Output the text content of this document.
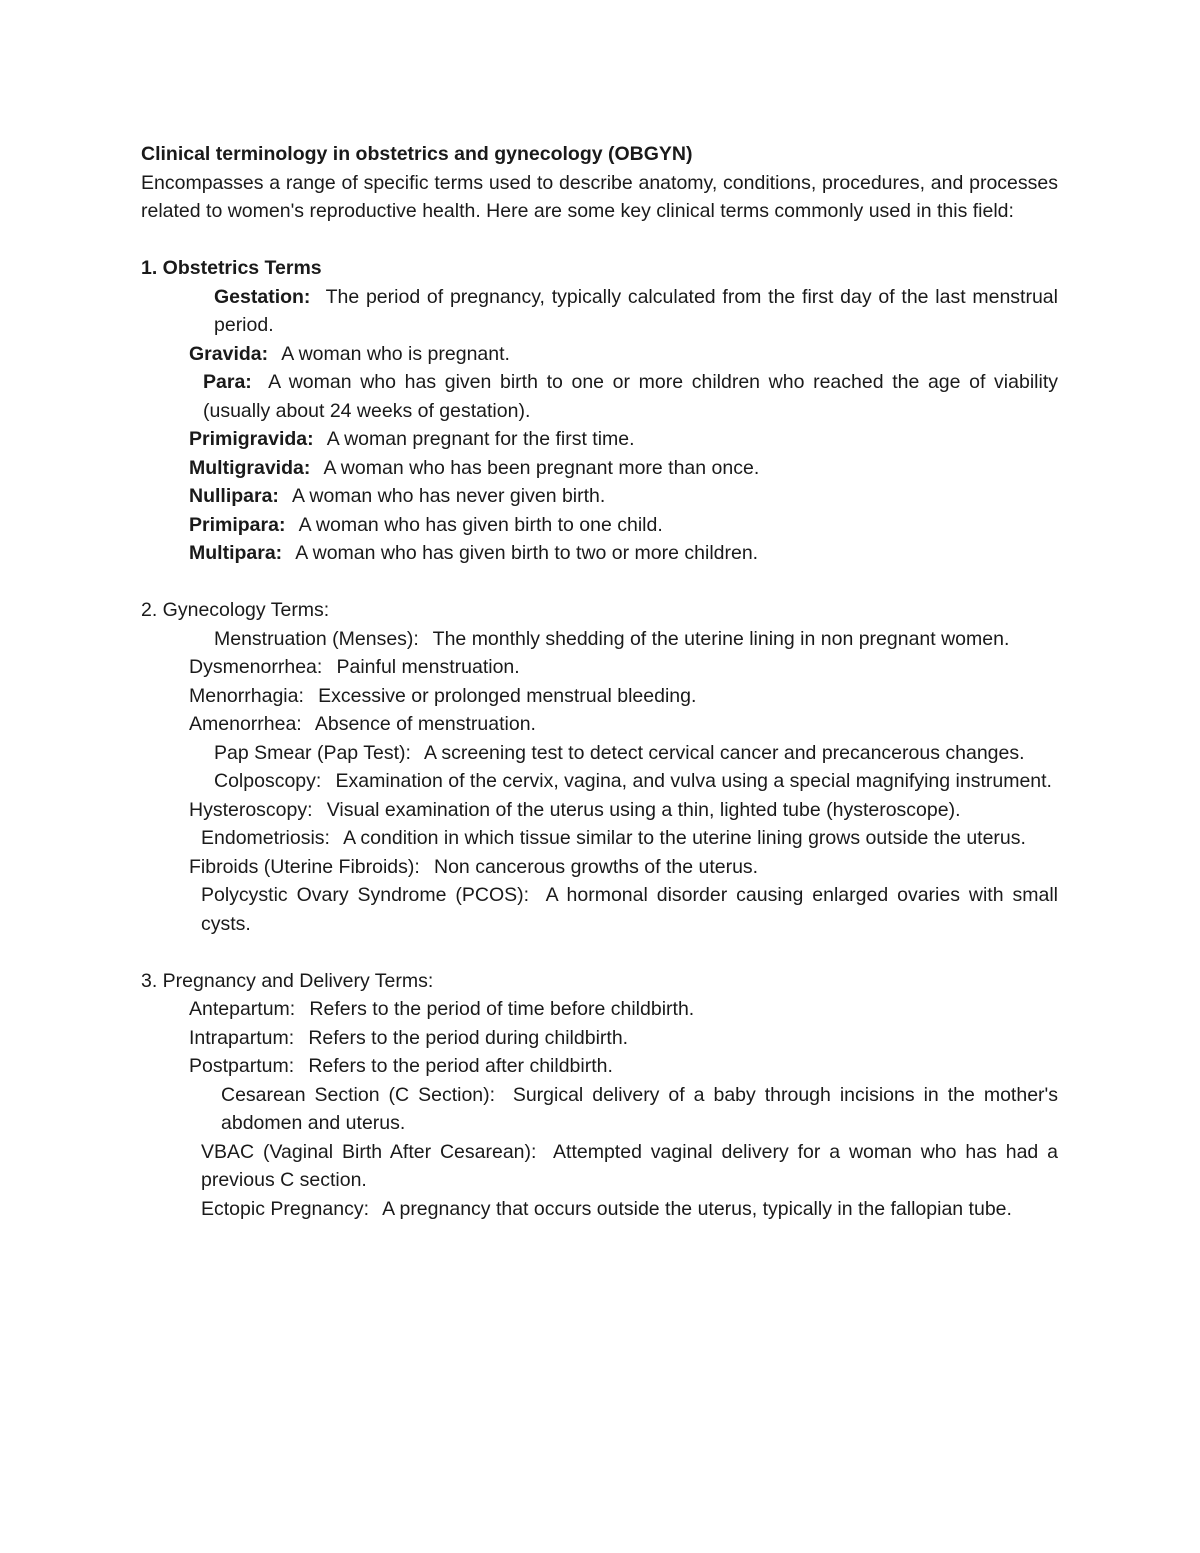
Clinical terminology in obstetrics and gynecology (OBGYN)

Encompasses a range of specific terms used to describe anatomy, conditions, procedures, and processes related to women's reproductive health. Here are some key clinical terms commonly used in this field:

1. Obstetrics Terms

Gestation: The period of pregnancy, typically calculated from the first day of the last menstrual period.

Gravida: A woman who is pregnant.

Para: A woman who has given birth to one or more children who reached the age of viability (usually about 24 weeks of gestation).

Primigravida: A woman pregnant for the first time.

Multigravida: A woman who has been pregnant more than once.

Nullipara: A woman who has never given birth.

Primipara: A woman who has given birth to one child.

Multipara: A woman who has given birth to two or more children.

2. Gynecology Terms:

Menstruation (Menses): The monthly shedding of the uterine lining in non pregnant women.

Dysmenorrhea: Painful menstruation.

Menorrhagia: Excessive or prolonged menstrual bleeding.

Amenorrhea: Absence of menstruation.

Pap Smear (Pap Test): A screening test to detect cervical cancer and precancerous changes.

Colposcopy: Examination of the cervix, vagina, and vulva using a special magnifying instrument.

Hysteroscopy: Visual examination of the uterus using a thin, lighted tube (hysteroscope).

Endometriosis: A condition in which tissue similar to the uterine lining grows outside the uterus.

Fibroids (Uterine Fibroids): Non cancerous growths of the uterus.

Polycystic Ovary Syndrome (PCOS): A hormonal disorder causing enlarged ovaries with small cysts.

3. Pregnancy and Delivery Terms:

Antepartum: Refers to the period of time before childbirth.

Intrapartum: Refers to the period during childbirth.

Postpartum: Refers to the period after childbirth.

Cesarean Section (C Section): Surgical delivery of a baby through incisions in the mother's abdomen and uterus.

VBAC (Vaginal Birth After Cesarean): Attempted vaginal delivery for a woman who has had a previous C section.

Ectopic Pregnancy: A pregnancy that occurs outside the uterus, typically in the fallopian tube.
